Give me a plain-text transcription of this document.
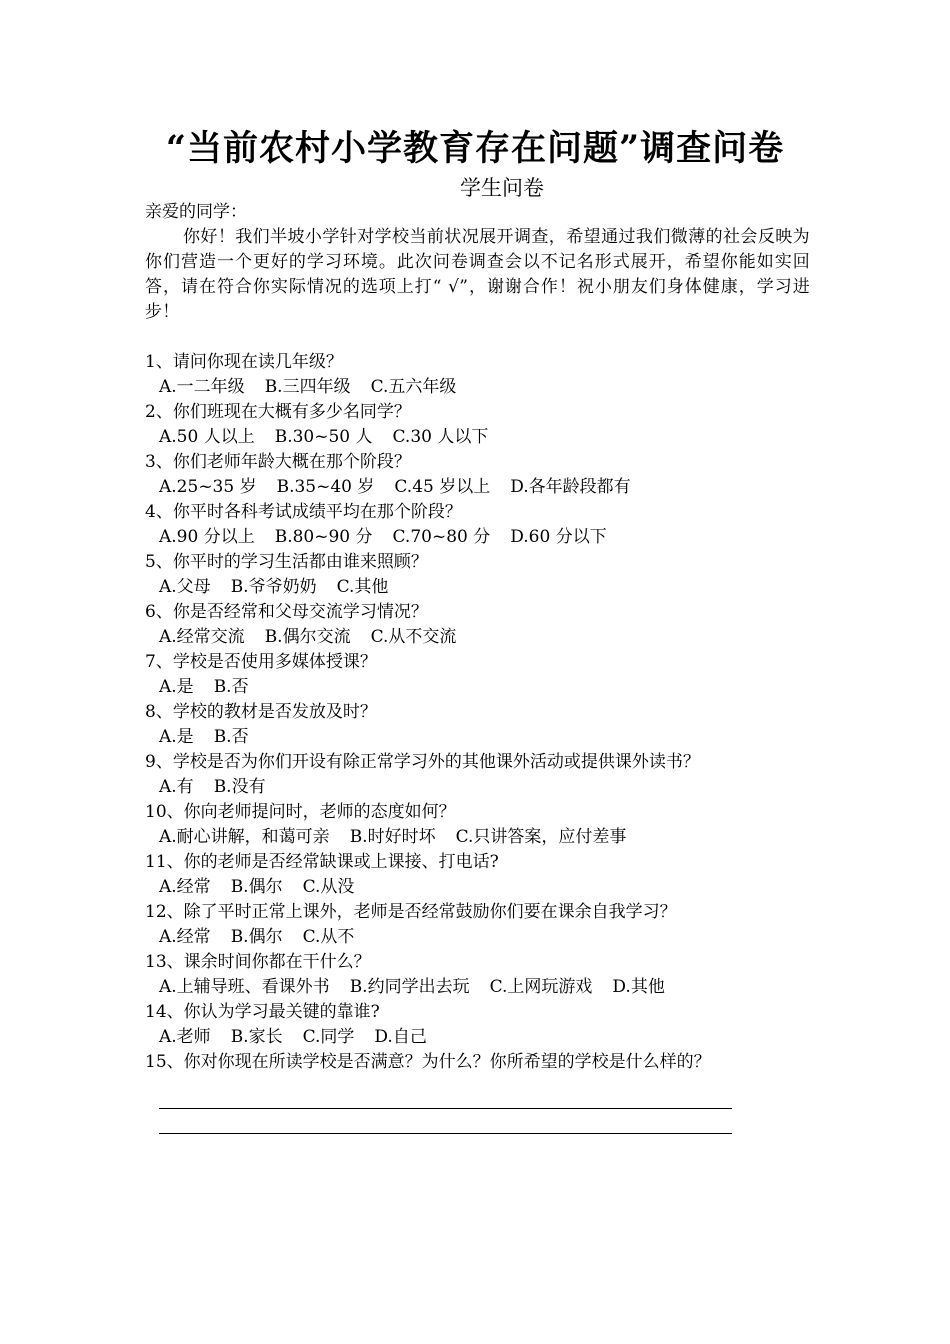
“当前农村小学教育存在问题”调查问卷
学生问卷
亲爱的同学：

你好！我们半坡小学针对学校当前状况展开调查，希望通过我们微薄的社会反映为你们营造一个更好的学习环境。此次问卷调查会以不记名形式展开，希望你能如实回答，请在符合你实际情况的选项上打“ √”，谢谢合作！祝小朋友们身体健康，学习进步！

1、请问你现在读几年级？
A.一二年级 B.三四年级 C.五六年级
2、你们班现在大概有多少名同学？
A.50 人以上 B.30~50 人 C.30 人以下
3、你们老师年龄大概在那个阶段？
A.25~35 岁 B.35~40 岁 C.45 岁以上 D.各年龄段都有
4、你平时各科考试成绩平均在那个阶段？
A.90 分以上 B.80~90 分 C.70~80 分 D.60 分以下
5、你平时的学习生活都由谁来照顾？
A.父母 B.爷爷奶奶 C.其他
6、你是否经常和父母交流学习情况？
A.经常交流 B.偶尔交流 C.从不交流
7、学校是否使用多媒体授课？
A.是 B.否
8、学校的教材是否发放及时？
A.是 B.否
9、学校是否为你们开设有除正常学习外的其他课外活动或提供课外读书？
A.有 B.没有
10、你向老师提问时，老师的态度如何？
A.耐心讲解，和蔼可亲 B.时好时坏 C.只讲答案，应付差事
11、你的老师是否经常缺课或上课接、打电话?
A.经常 B.偶尔 C.从没
12、除了平时正常上课外，老师是否经常鼓励你们要在课余自我学习？
A.经常 B.偶尔 C.从不
13、课余时间你都在干什么？
A.上辅导班、看课外书 B.约同学出去玩 C.上网玩游戏 D.其他
14、你认为学习最关键的靠谁?
A.老师 B.家长 C.同学 D.自己
15、你对你现在所读学校是否满意？为什么？你所希望的学校是什么样的？
